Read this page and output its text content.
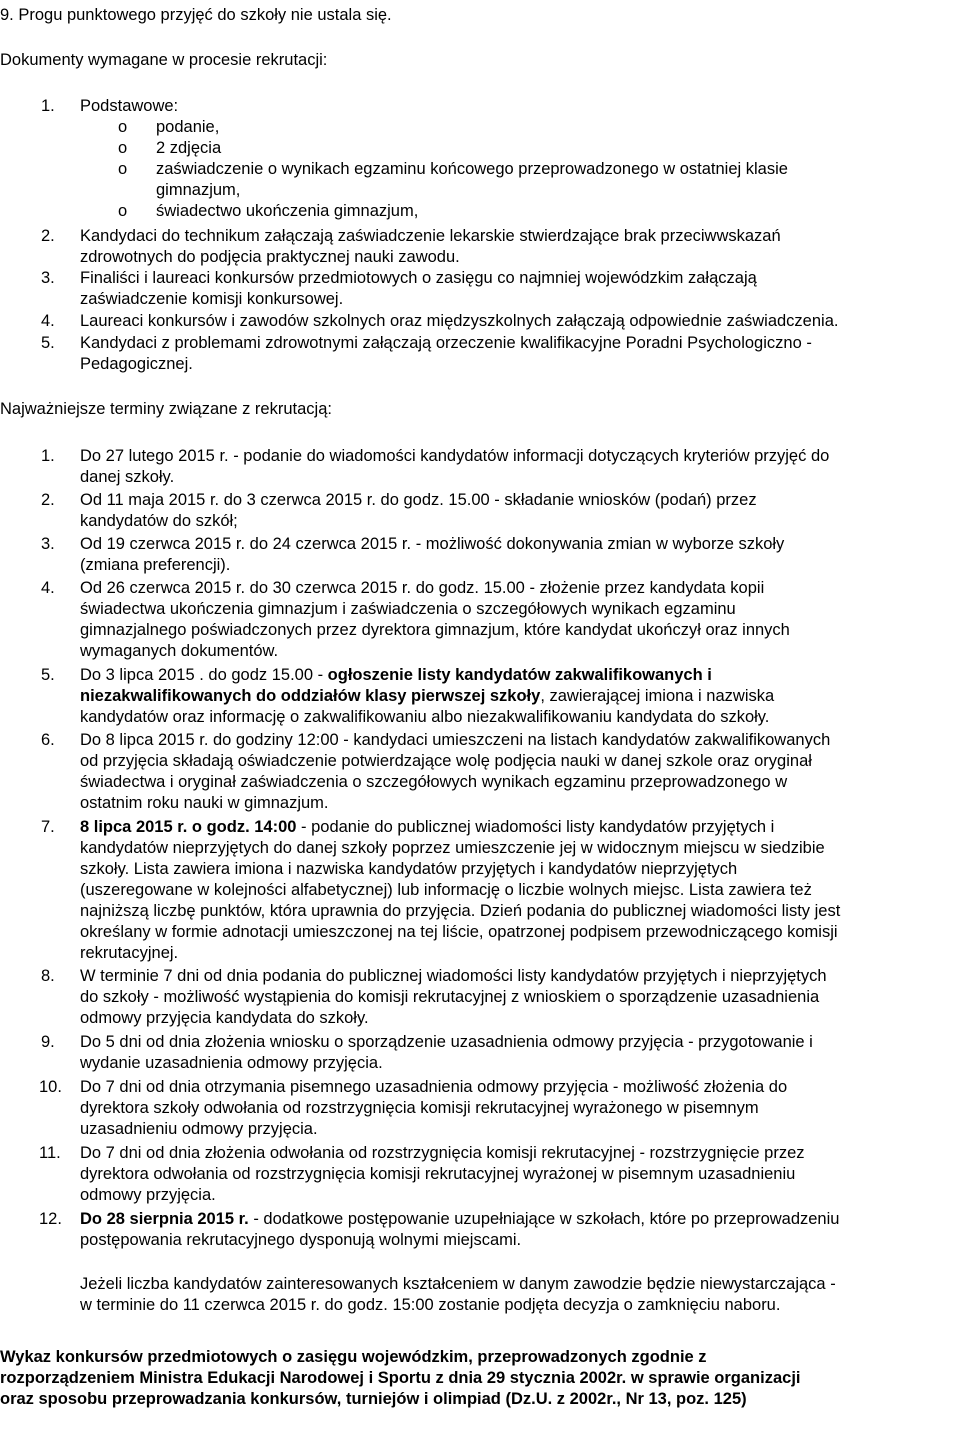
9. Progu punktowego przyjęć do szkoły nie ustala się.
Dokumenty wymagane w procesie rekrutacji:
1. Podstawowe:
o podanie,
o 2 zdjęcia
o zaświadczenie o wynikach egzaminu końcowego przeprowadzonego w ostatniej klasie
gimnazjum,
o świadectwo ukończenia gimnazjum,
2. Kandydaci do technikum załączają zaświadczenie lekarskie stwierdzające brak przeciwwskazań
zdrowotnych do podjęcia praktycznej nauki zawodu.
3. Finaliści i laureaci konkursów przedmiotowych o zasięgu co najmniej wojewódzkim załączają
zaświadczenie komisji konkursowej.
4. Laureaci konkursów i zawodów szkolnych oraz międzyszkolnych załączają odpowiednie zaświadczenia.
5. Kandydaci z problemami zdrowotnymi załączają orzeczenie kwalifikacyjne Poradni Psychologiczno -
Pedagogicznej.
Najważniejsze terminy związane z rekrutacją:
1. Do 27 lutego 2015 r. - podanie do wiadomości kandydatów informacji dotyczących kryteriów przyjęć do
danej szkoły.
2. Od 11 maja 2015 r. do 3 czerwca 2015 r. do godz. 15.00 - składanie wniosków (podań) przez
kandydatów do szkół;
3. Od 19 czerwca 2015 r. do 24 czerwca 2015 r. - możliwość dokonywania zmian w wyborze szkoły
(zmiana preferencji).
4. Od 26 czerwca 2015 r. do 30 czerwca 2015 r. do godz. 15.00 - złożenie przez kandydata kopii
świadectwa ukończenia gimnazjum i zaświadczenia o szczegółowych wynikach egzaminu
gimnazjalnego poświadczonych przez dyrektora gimnazjum, które kandydat ukończył oraz innych
wymaganych dokumentów.
5. Do 3 lipca 2015 . do godz 15.00 - ogłoszenie listy kandydatów zakwalifikowanych i
niezakwalifikowanych do oddziałów klasy pierwszej szkoły, zawierającej imiona i nazwiska
kandydatów oraz informację o zakwalifikowaniu albo niezakwalifikowaniu kandydata do szkoły.
6. Do 8 lipca 2015 r. do godziny 12:00 - kandydaci umieszczeni na listach kandydatów zakwalifikowanych
od przyjęcia składają oświadczenie potwierdzające wolę podjęcia nauki w danej szkole oraz oryginał
świadectwa i oryginał zaświadczenia o szczegółowych wynikach egzaminu przeprowadzonego w
ostatnim roku nauki w gimnazjum.
7. 8 lipca 2015 r. o godz. 14:00 - podanie do publicznej wiadomości listy kandydatów przyjętych i
kandydatów nieprzyjętych do danej szkoły poprzez umieszczenie jej w widocznym miejscu w siedzibie
szkoły. Lista zawiera imiona i nazwiska kandydatów przyjętych i kandydatów nieprzyjętych
(uszeregowane w kolejności alfabetycznej) lub informację o liczbie wolnych miejsc. Lista zawiera też
najniższą liczbę punktów, która uprawnia do przyjęcia. Dzień podania do publicznej wiadomości listy jest
określany w formie adnotacji umieszczonej na tej liście, opatrzonej podpisem przewodniczącego komisji
rekrutacyjnej.
8. W terminie 7 dni od dnia podania do publicznej wiadomości listy kandydatów przyjętych i nieprzyjętych
do szkoły - możliwość wystąpienia do komisji rekrutacyjnej z wnioskiem o sporządzenie uzasadnienia
odmowy przyjęcia kandydata do szkoły.
9. Do 5 dni od dnia złożenia wniosku o sporządzenie uzasadnienia odmowy przyjęcia - przygotowanie i
wydanie uzasadnienia odmowy przyjęcia.
10. Do 7 dni od dnia otrzymania pisemnego uzasadnienia odmowy przyjęcia - możliwość złożenia do
dyrektora szkoły odwołania od rozstrzygnięcia komisji rekrutacyjnej wyrażonego w pisemnym
uzasadnieniu odmowy przyjęcia.
11. Do 7 dni od dnia złożenia odwołania od rozstrzygnięcia komisji rekrutacyjnej - rozstrzygnięcie przez
dyrektora odwołania od rozstrzygnięcia komisji rekrutacyjnej wyrażonej w pisemnym uzasadnieniu
odmowy przyjęcia.
12. Do 28 sierpnia 2015 r. - dodatkowe postępowanie uzupełniające w szkołach, które po przeprowadzeniu
postępowania rekrutacyjnego dysponują wolnymi miejscami.
Jeżeli liczba kandydatów zainteresowanych kształceniem w danym zawodzie będzie niewystarczająca -
w terminie do 11 czerwca 2015 r. do godz. 15:00 zostanie podjęta decyzja o zamknięciu naboru.
Wykaz konkursów przedmiotowych o zasięgu wojewódzkim, przeprowadzonych zgodnie z
rozporządzeniem Ministra Edukacji Narodowej i Sportu z dnia 29 stycznia 2002r. w sprawie organizacji
oraz sposobu przeprowadzania konkursów, turniejów i olimpiad (Dz.U. z 2002r., Nr 13, poz. 125)
